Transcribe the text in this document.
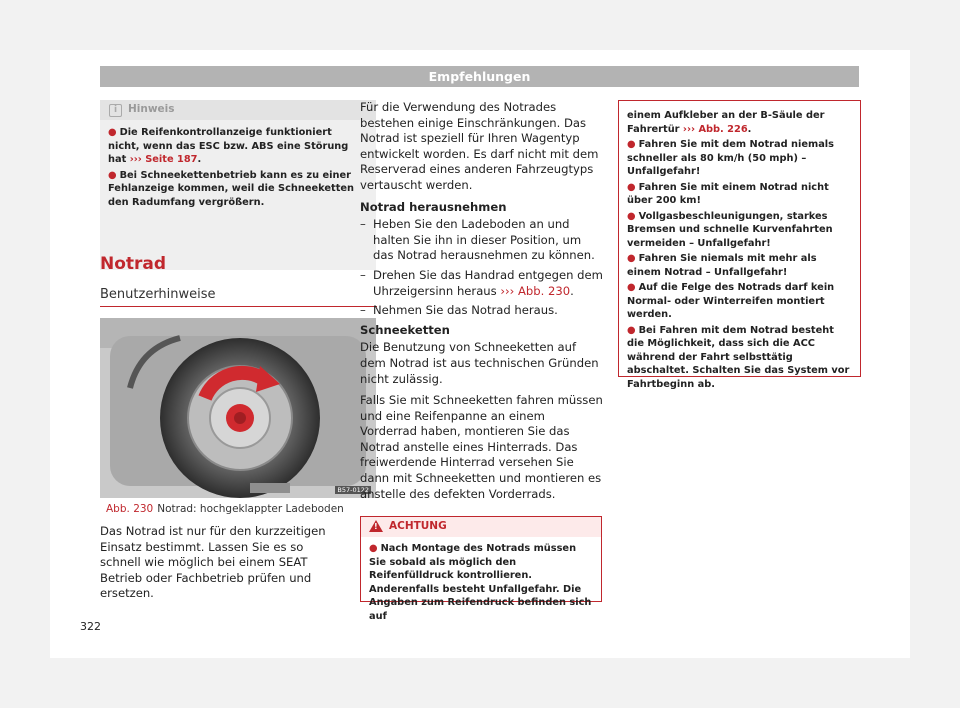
Empfehlungen
i	Hinweis

● Die Reifenkontrollanzeige funktioniert nicht, wenn das ESC bzw. ABS eine Störung hat ››› Seite 187.

● Bei Schneekettenbetrieb kann es zu einer Fehlanzeige kommen, weil die Schneeketten den Radumfang vergrößern.

Notrad
Benutzerhinweise
B57-0122
Abb. 230 Notrad: hochgeklappter Ladeboden
Das Notrad ist nur für den kurzzeitigen Einsatz bestimmt. Lassen Sie es so schnell wie möglich bei einem SEAT Betrieb oder Fachbetrieb prüfen und ersetzen.

Für die Verwendung des Notrades bestehen einige Einschränkungen. Das Notrad ist speziell für Ihren Wagentyp entwickelt worden. Es darf nicht mit dem Reserverad eines anderen Fahrzeugtyps vertauscht werden.

Notrad herausnehmen

– Heben Sie den Ladeboden an und halten Sie ihn in dieser Position, um das Notrad herausnehmen zu können.

– Drehen Sie das Handrad entgegen dem Uhrzeigersinn heraus ››› Abb. 230.

– Nehmen Sie das Notrad heraus.

Schneeketten

Die Benutzung von Schneeketten auf dem Notrad ist aus technischen Gründen nicht zulässig.

Falls Sie mit Schneeketten fahren müssen und eine Reifenpanne an einem Vorderrad haben, montieren Sie das Notrad anstelle eines Hinterrads. Das freiwerdende Hinterrad versehen Sie dann mit Schneeketten und montieren es anstelle des defekten Vorderrads.

!
ACHTUNG
● Nach Montage des Notrads müssen Sie sobald als möglich den Reifenfülldruck kontrollieren. Anderenfalls besteht Unfallgefahr. Die Angaben zum Reifendruck befinden sich auf

einem Aufkleber an der B-Säule der Fahrertür ››› Abb. 226.

● Fahren Sie mit dem Notrad niemals schneller als 80 km/h (50 mph) – Unfallgefahr!

● Fahren Sie mit einem Notrad nicht über 200 km!

● Vollgasbeschleunigungen, starkes Bremsen und schnelle Kurvenfahrten vermeiden – Unfallgefahr!

● Fahren Sie niemals mit mehr als einem Notrad – Unfallgefahr!

● Auf die Felge des Notrads darf kein Normal- oder Winterreifen montiert werden.

● Bei Fahren mit dem Notrad besteht die Möglichkeit, dass sich die ACC während der Fahrt selbsttätig abschaltet. Schalten Sie das System vor Fahrtbeginn ab.

322
